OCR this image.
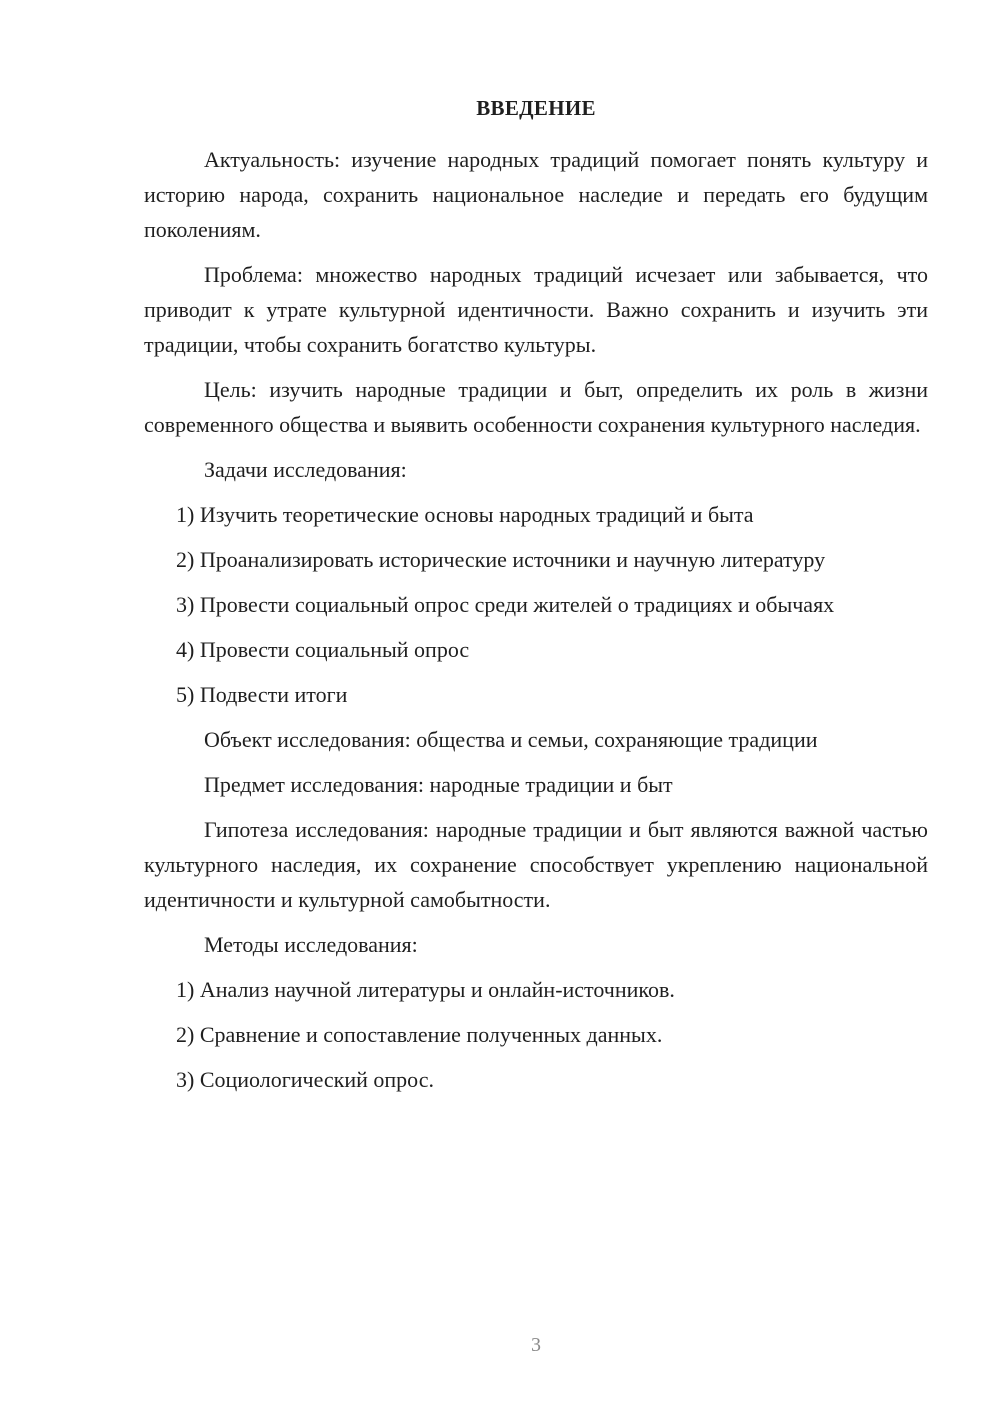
ВВЕДЕНИЕ

Актуальность: изучение народных традиций помогает понять культуру и историю народа, сохранить национальное наследие и передать его будущим поколениям.

Проблема: множество народных традиций исчезает или забывается, что приводит к утрате культурной идентичности. Важно сохранить и изучить эти традиции, чтобы сохранить богатство культуры.

Цель: изучить народные традиции и быт, определить их роль в жизни современного общества и выявить особенности сохранения культурного наследия.

Задачи исследования:

1) Изучить теоретические основы народных традиций и быта
2) Проанализировать исторические источники и научную литературу
3) Провести социальный опрос среди жителей о традициях и обычаях
4) Провести социальный опрос
5) Подвести итоги

Объект исследования: общества и семьи, сохраняющие традиции

Предмет исследования: народные традиции и быт

Гипотеза исследования: народные традиции и быт являются важной частью культурного наследия, их сохранение способствует укреплению национальной идентичности и культурной самобытности.

Методы исследования:

1) Анализ научной литературы и онлайн-источников.
2) Сравнение и сопоставление полученных данных.
3) Социологический опрос.
3
